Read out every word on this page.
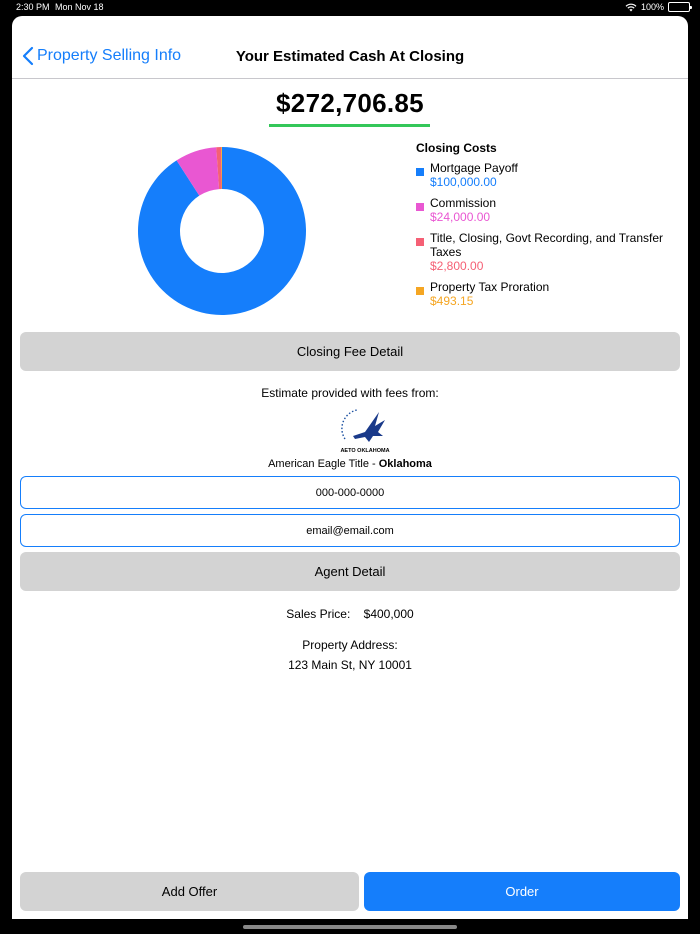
2:30 PM Mon Nov 18	100%
Property Selling Info	Your Estimated Cash At Closing
$272,706.85
Closing Costs
Mortgage Payoff
$100,000.00
Commission
$24,000.00
Title, Closing, Govt Recording, and Transfer Taxes
$2,800.00
Property Tax Proration
$493.15
Closing Fee Detail
Estimate provided with fees from:
AETO OKLAHOMA
American Eagle Title - Oklahoma
000-000-0000
email@email.com
Agent Detail
Sales Price: $400,000
Property Address:
123 Main St, NY 10001
Add Offer	Order
